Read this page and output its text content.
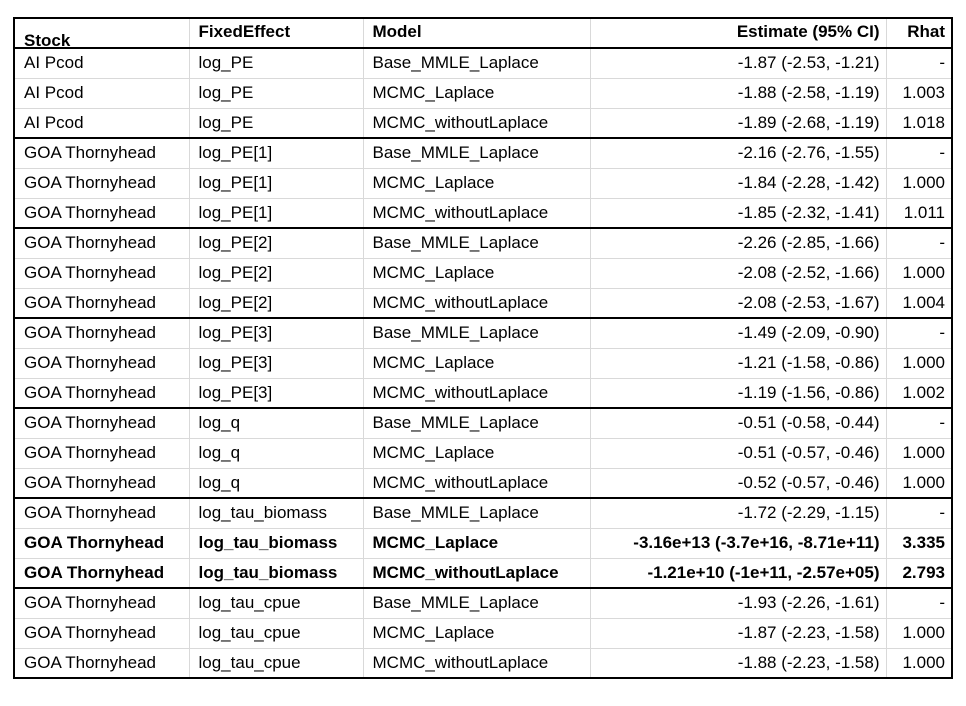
Stock	FixedEffect	Model	Estimate (95% CI)	Rhat

AI Pcod	log_PE	Base_MMLE_Laplace	-1.87 (-2.53, -1.21)	-
AI Pcod	log_PE	MCMC_Laplace	-1.88 (-2.58, -1.19)	1.003
AI Pcod	log_PE	MCMC_withoutLaplace	-1.89 (-2.68, -1.19)	1.018
GOA Thornyhead	log_PE[1]	Base_MMLE_Laplace	-2.16 (-2.76, -1.55)	-
GOA Thornyhead	log_PE[1]	MCMC_Laplace	-1.84 (-2.28, -1.42)	1.000
GOA Thornyhead	log_PE[1]	MCMC_withoutLaplace	-1.85 (-2.32, -1.41)	1.011
GOA Thornyhead	log_PE[2]	Base_MMLE_Laplace	-2.26 (-2.85, -1.66)	-
GOA Thornyhead	log_PE[2]	MCMC_Laplace	-2.08 (-2.52, -1.66)	1.000
GOA Thornyhead	log_PE[2]	MCMC_withoutLaplace	-2.08 (-2.53, -1.67)	1.004
GOA Thornyhead	log_PE[3]	Base_MMLE_Laplace	-1.49 (-2.09, -0.90)	-
GOA Thornyhead	log_PE[3]	MCMC_Laplace	-1.21 (-1.58, -0.86)	1.000
GOA Thornyhead	log_PE[3]	MCMC_withoutLaplace	-1.19 (-1.56, -0.86)	1.002
GOA Thornyhead	log_q	Base_MMLE_Laplace	-0.51 (-0.58, -0.44)	-
GOA Thornyhead	log_q	MCMC_Laplace	-0.51 (-0.57, -0.46)	1.000
GOA Thornyhead	log_q	MCMC_withoutLaplace	-0.52 (-0.57, -0.46)	1.000
GOA Thornyhead	log_tau_biomass	Base_MMLE_Laplace	-1.72 (-2.29, -1.15)	-
GOA Thornyhead	log_tau_biomass	MCMC_Laplace	-3.16e+13 (-3.7e+16, -8.71e+11)	3.335
GOA Thornyhead	log_tau_biomass	MCMC_withoutLaplace	-1.21e+10 (-1e+11, -2.57e+05)	2.793
GOA Thornyhead	log_tau_cpue	Base_MMLE_Laplace	-1.93 (-2.26, -1.61)	-
GOA Thornyhead	log_tau_cpue	MCMC_Laplace	-1.87 (-2.23, -1.58)	1.000
GOA Thornyhead	log_tau_cpue	MCMC_withoutLaplace	-1.88 (-2.23, -1.58)	1.000
